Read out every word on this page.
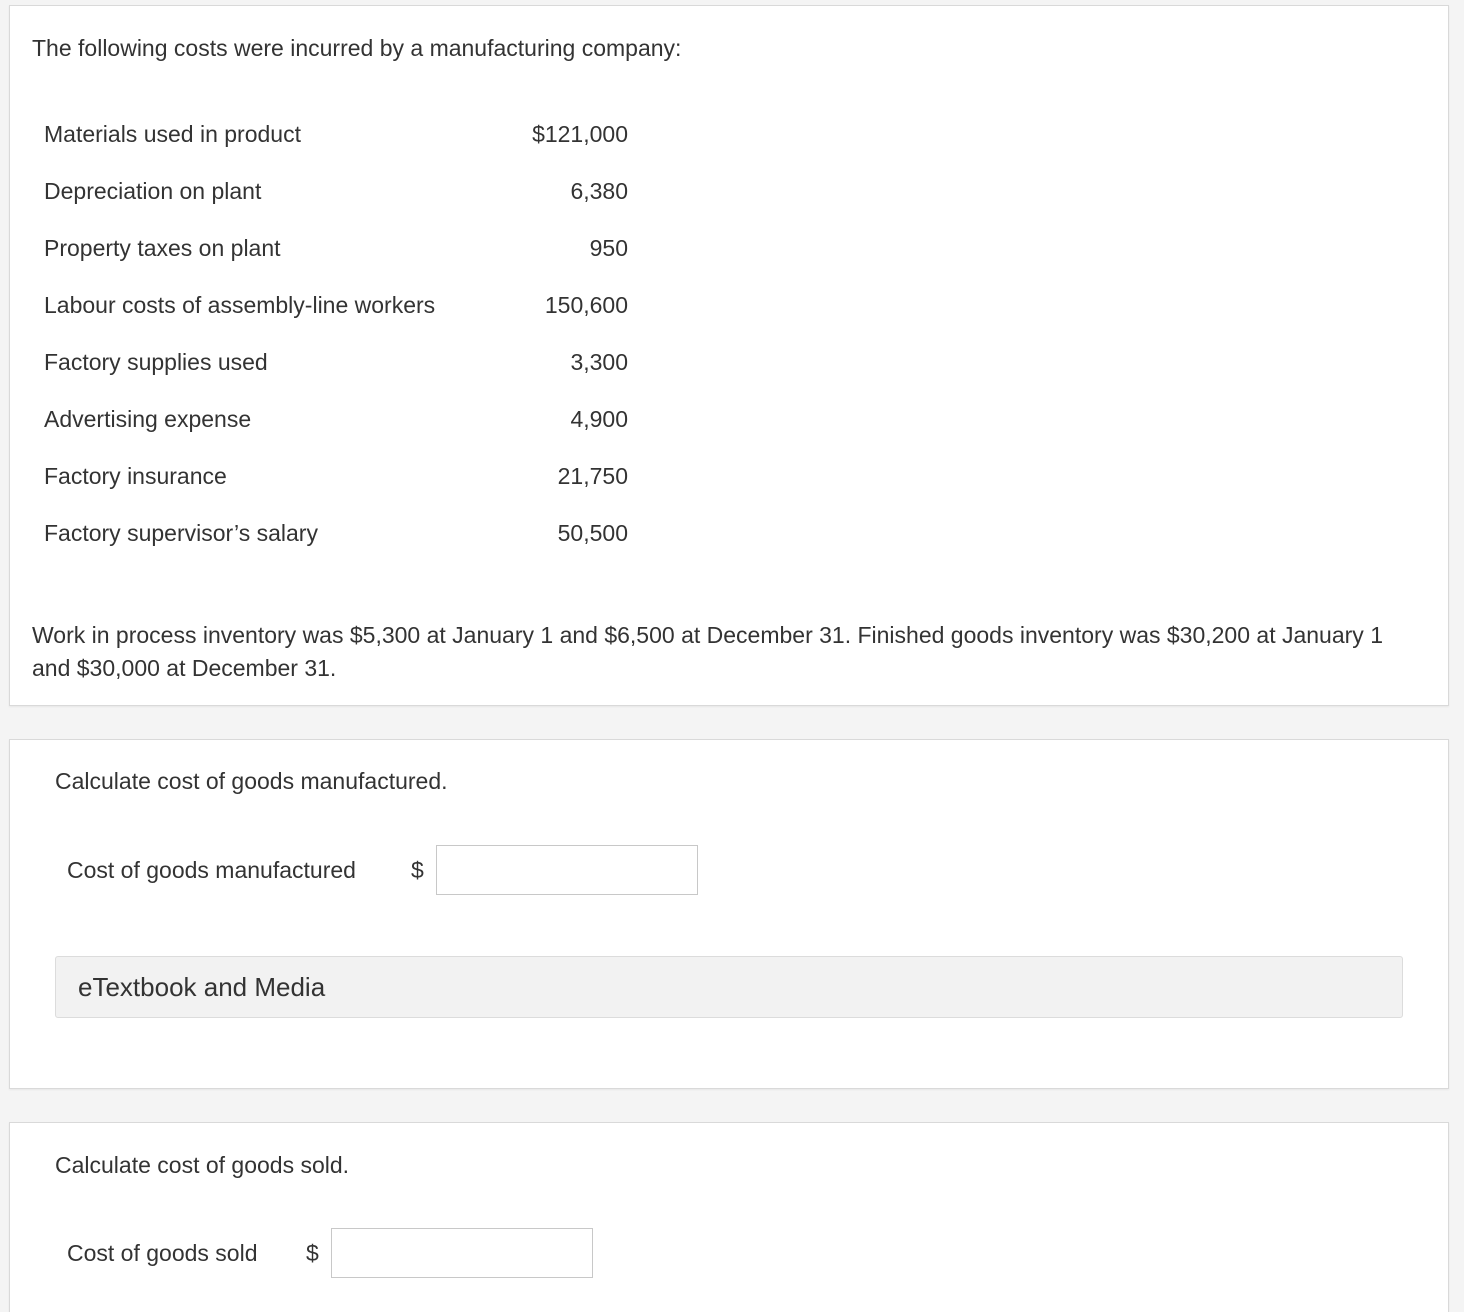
The following costs were incurred by a manufacturing company:
Materials used in product	$121,000
Depreciation on plant	6,380
Property taxes on plant	950
Labour costs of assembly-line workers	150,600
Factory supplies used	3,300
Advertising expense	4,900
Factory insurance	21,750
Factory supervisor’s salary	50,500
Work in process inventory was $5,300 at January 1 and $6,500 at December 31. Finished goods inventory was $30,200 at January 1 and $30,000 at December 31.
Calculate cost of goods manufactured.
Cost of goods manufactured	$
eTextbook and Media
Calculate cost of goods sold.
Cost of goods sold	$
